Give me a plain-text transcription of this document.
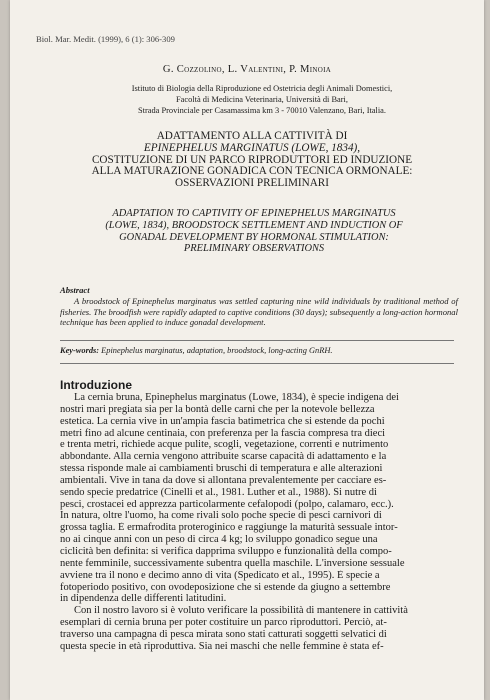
Biol. Mar. Medit. (1999), 6 (1): 306-309
G. Cozzolino, L. Valentini, P. Minoia
Istituto di Biologia della Riproduzione ed Ostetricia degli Animali Domestici,
Facoltà di Medicina Veterinaria, Università di Bari,
Strada Provinciale per Casamassima km 3 - 70010 Valenzano, Bari, Italia.
ADATTAMENTO ALLA CATTIVITÀ DI
EPINEPHELUS MARGINATUS (LOWE, 1834),
COSTITUZIONE DI UN PARCO RIPRODUTTORI ED INDUZIONE
ALLA MATURAZIONE GONADICA CON TECNICA ORMONALE:
OSSERVAZIONI PRELIMINARI
ADAPTATION TO CAPTIVITY OF EPINEPHELUS MARGINATUS
(LOWE, 1834), BROODSTOCK SETTLEMENT AND INDUCTION OF
GONADAL DEVELOPMENT BY HORMONAL STIMULATION:
PRELIMINARY OBSERVATIONS
Abstract
A broodstock of Epinephelus marginatus was settled capturing nine wild individuals by traditional method of fisheries. The broodfish were rapidly adapted to captive conditions (30 days); subsequently a long-action hormonal technique has been applied to induce gonadal development.
Key-words: Epinephelus marginatus, adaptation, broodstock, long-acting GnRH.
Introduzione
La cernia bruna, Epinephelus marginatus (Lowe, 1834), è specie indigena dei
nostri mari pregiata sia per la bontà delle carni che per la notevole bellezza
estetica. La cernia vive in un'ampia fascia batimetrica che si estende da pochi
metri fino ad alcune centinaia, con preferenza per la fascia compresa tra dieci
e trenta metri, richiede acque pulite, scogli, vegetazione, correnti e nutrimento
abbondante. Alla cernia vengono attribuite scarse capacità di adattamento e la
stessa risponde male ai cambiamenti bruschi di temperatura e alle alterazioni
ambientali. Vive in tana da dove si allontana prevalentemente per cacciare es-
sendo specie predatrice (Cinelli et al., 1981. Luther et al., 1988). Si nutre di
pesci, crostacei ed apprezza particolarmente cefalopodi (polpo, calamaro, ecc.).
In natura, oltre l'uomo, ha come rivali solo poche specie di pesci carnivori di
grossa taglia. È ermafrodita proteroginico e raggiunge la maturità sessuale intor-
no ai cinque anni con un peso di circa 4 kg; lo sviluppo gonadico segue una
ciclicità ben definita: si verifica dapprima sviluppo e funzionalità della compo-
nente femminile, successivamente subentra quella maschile. L'inversione sessuale
avviene tra il nono e decimo anno di vita (Spedicato et al., 1995). È specie a
fotoperiodo positivo, con ovodeposizione che si estende da giugno a settembre
in dipendenza delle differenti latitudini.
Con il nostro lavoro si è voluto verificare la possibilità di mantenere in cattività
esemplari di cernia bruna per poter costituire un parco riproduttori. Perciò, at-
traverso una campagna di pesca mirata sono stati catturati soggetti selvatici di
questa specie in età riproduttiva. Sia nei maschi che nelle femmine è stata ef-
